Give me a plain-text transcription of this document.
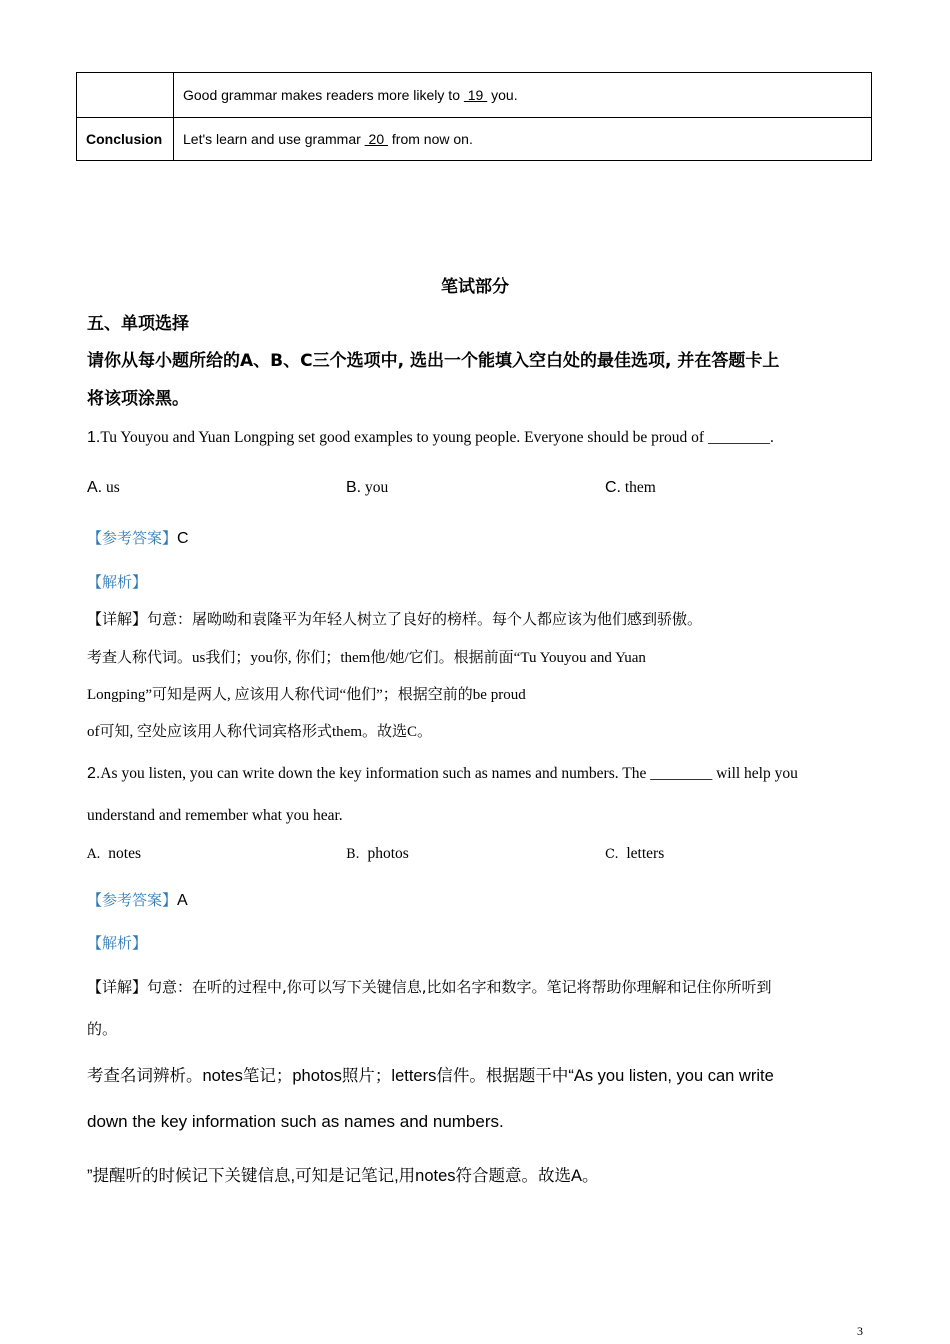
	Good grammar makes readers more likely to  19  you.
Conclusion	Let's learn and use grammar  20  from now on.
笔试部分
五、单项选择
请你从每小题所给的A、B、C三个选项中, 选出一个能填入空白处的最佳选项, 并在答题卡上
将该项涂黑。
1.Tu Youyou and Yuan Longping set good examples to young people. Everyone should be proud of ________.
A. us	B. you	C. them
【参考答案】C
【解析】
【详解】句意：屠呦呦和袁隆平为年轻人树立了良好的榜样。每个人都应该为他们感到骄傲。
考查人称代词。us我们；you你, 你们；them他/她/它们。根据前面“Tu Youyou and Yuan
Longping”可知是两人, 应该用人称代词“他们”；根据空前的be proud
of可知, 空处应该用人称代词宾格形式them。故选C。
2.As you listen, you can write down the key information such as names and numbers. The ________ will help you
understand and remember what you hear.
A. notes	B. photos	C. letters
【参考答案】A
【解析】
【详解】句意：在听的过程中,你可以写下关键信息,比如名字和数字。笔记将帮助你理解和记住你所听到
的。
考查名词辨析。notes笔记；photos照片；letters信件。根据题干中“As you listen, you can write
down the key information such as names and numbers.
”提醒听的时候记下关键信息,可知是记笔记,用notes符合题意。故选A。
3
